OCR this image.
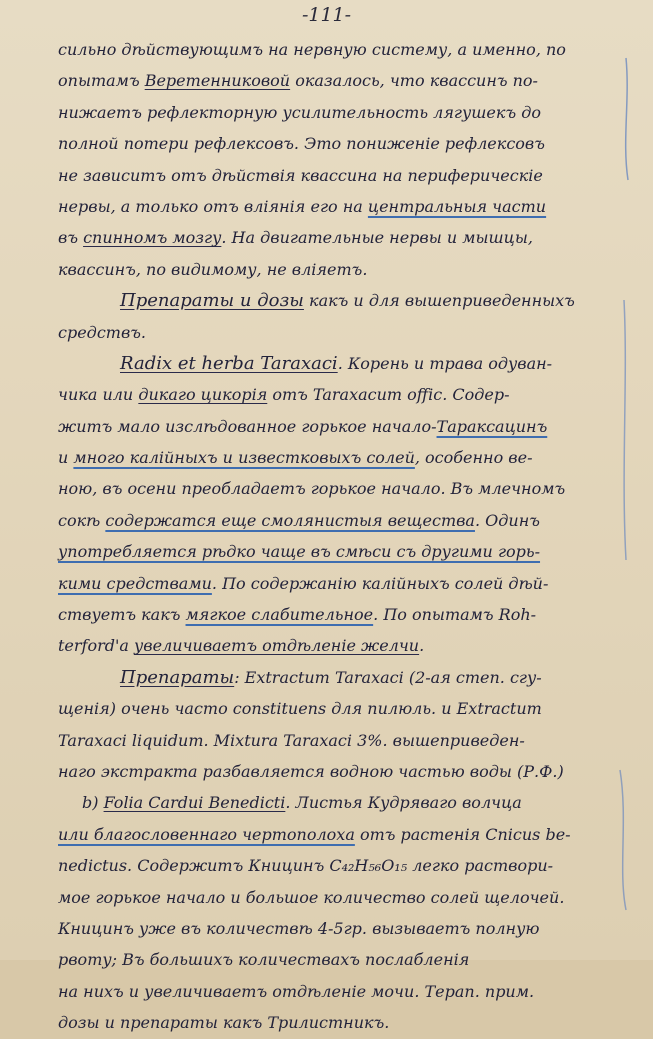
-111-
сильно дѣйствующимъ на нервную систему, а именно, по
опытамъ Веретенниковой оказалось, что квассинъ по-
нижаетъ рефлекторную усилительность лягушекъ до
полной потери рефлексовъ. Это пониженіе рефлексовъ
не зависитъ отъ дѣйствія квассина на периферическіе
нервы, а только отъ вліянія его на центральныя части
въ спинномъ мозгу. На двигательные нервы и мышцы,
квассинъ, по видимому, не вліяетъ.
Препараты и дозы какъ и для вышеприведенныхъ
средствъ.
Radix et herba Taraxaci. Корень и трава одуван-
чика или дикаго цикорія отъ Taraxacum offic. Содер-
житъ мало изслѣдованное горькое начало-Тараксацинъ
и много калійныхъ и известковыхъ солей, особенно ве-
ною, въ осени преобладаетъ горькое начало. Въ млечномъ
сокѣ содержатся еще смолянистыя вещества. Одинъ
употребляется рѣдко чаще въ смѣси съ другими горь-
кими средствами. По содержанію калійныхъ солей дѣй-
ствуетъ какъ мягкое слабительное. По опытамъ Roh-
terford'а увеличиваетъ отдѣленіе желчи.
Препараты: Extractum Taraxaci (2-ая степ. сгу-
щенія) очень часто constituens для пилюль. и Extractum
Taraxaci liquidum. Mixtura Taraxaci 3%. вышеприведен-
наго экстракта разбавляется водною частью воды (Р.Ф.)
b) Folia Cardui Benedicti. Листья Кудряваго волчца
или благословеннаго чертополоха отъ растенія Cnicus be-
nedictus. Содержитъ Кницинъ C₄₂H₅₆O₁₅ легко раствори-
мое горькое начало и большое количество солей щелочей.
Кницинъ уже въ количествѣ 4-5гр. вызываетъ полную
рвоту; Въ большихъ количествахъ послабленія
на нихъ и увеличиваетъ отдѣленіе мочи. Терап. прим.
дозы и препараты какъ Трилистникъ.
